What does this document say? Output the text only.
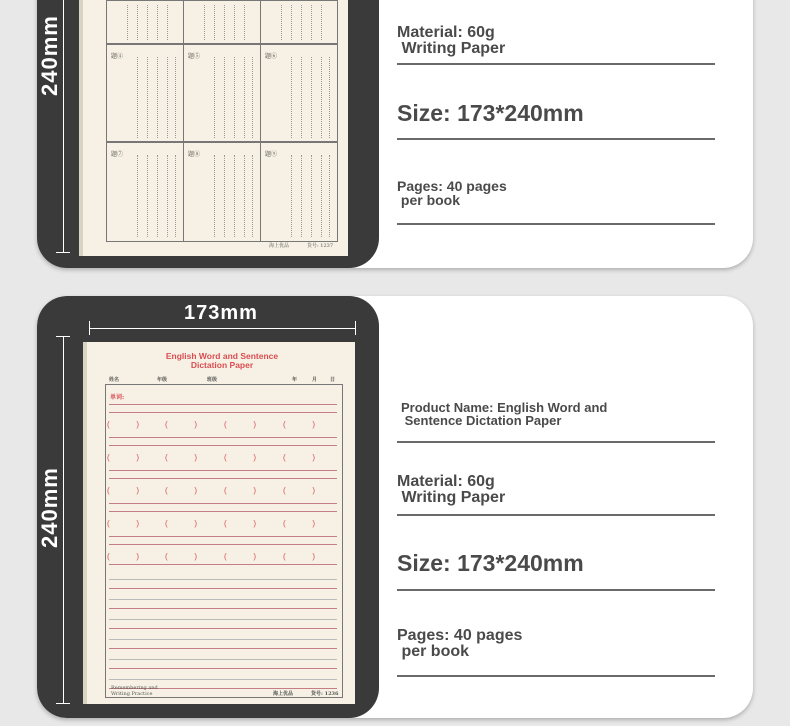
240mm	题④	题⑤	题⑥
题⑦	题⑧	题⑨
海上优品	货号: 1237
Material: 60g
Writing Paper
Size: 173*240mm
Pages: 40 pages
per book
173mm
240mm
English Word and Sentence
Dictation Paper
姓名	年级	班级	年	月	日
单词:
(            )	(            )	(            )	(            )
(            )	(            )	(            )	(            )
(            )	(            )	(            )	(            )
(            )	(            )	(            )	(            )
(            )	(            )	(            )	(            )
Remembering and Writing Practice	海上优品	货号: 1236
Product Name: English Word and
Sentence Dictation Paper
Material: 60g
Writing Paper
Size: 173*240mm
Pages: 40 pages
per book
